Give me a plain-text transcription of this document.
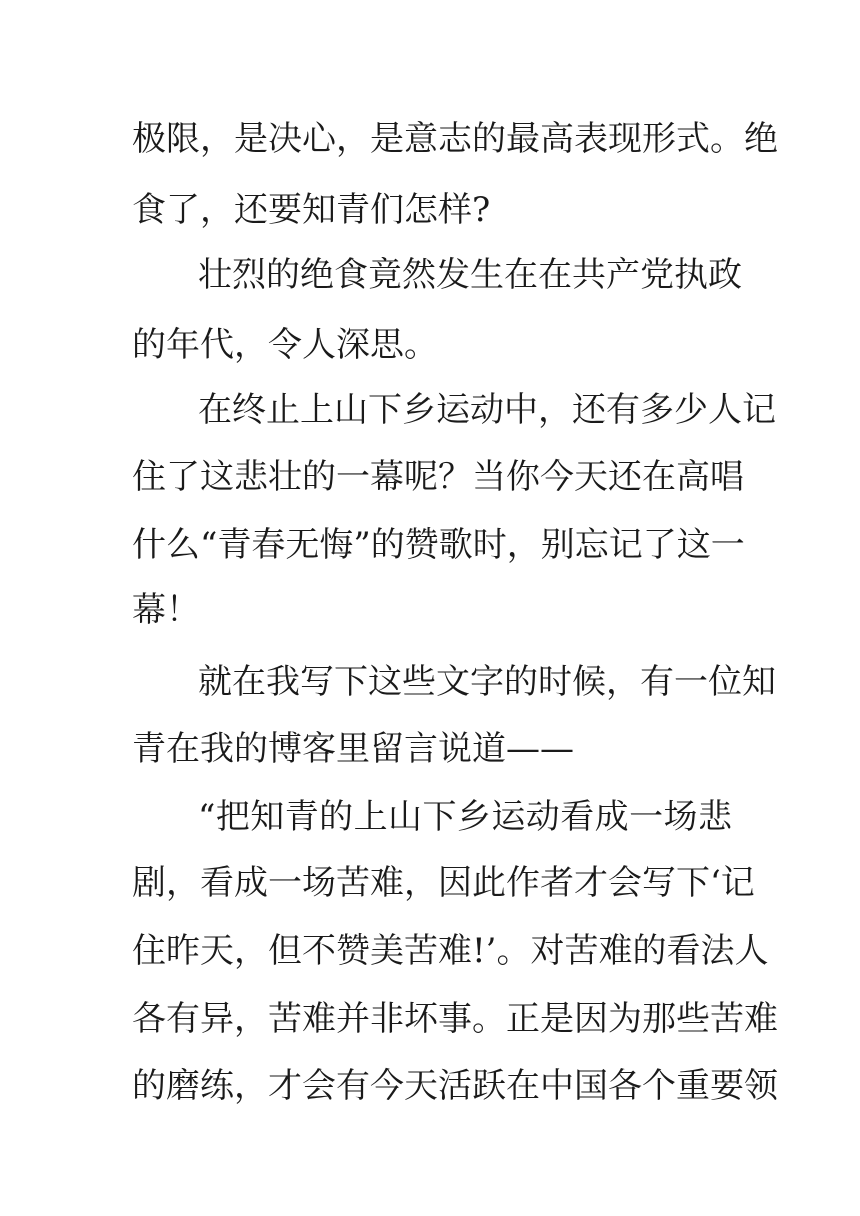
极限，是决心，是意志的最高表现形式。绝
食了，还要知青们怎样?
壮烈的绝食竟然发生在在共产党执政
的年代，令人深思。
在终止上山下乡运动中，还有多少人记
住了这悲壮的一幕呢？当你今天还在高唱
什么“青春无悔”的赞歌时，别忘记了这一
幕！
就在我写下这些文字的时候，有一位知
青在我的博客里留言说道——
“把知青的上山下乡运动看成一场悲
剧，看成一场苦难，因此作者才会写下‘记
住昨天，但不赞美苦难!’。对苦难的看法人
各有异，苦难并非坏事。正是因为那些苦难
的磨练，才会有今天活跃在中国各个重要领
